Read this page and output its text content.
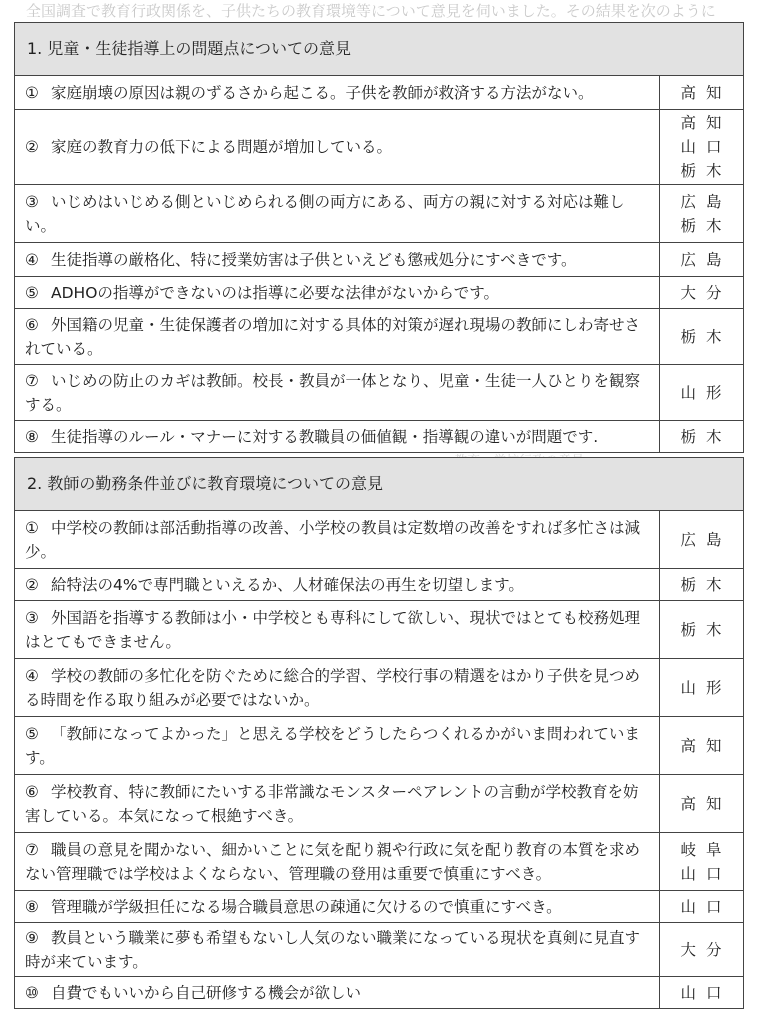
全国調査で教育行政関係を、子供たちの教育環境等について意見を伺いました。その結果を次のように
1. 児童・生徒指導上の問題点についての意見
① 家庭崩壊の原因は親のずるさから起こる。子供を教師が救済する方法がない。	高知

② 家庭の教育力の低下による問題が増加している。	高知
山口
栃木

③ いじめはいじめる側といじめられる側の両方にある、両方の親に対する対応は難しい。	広島
栃木

④ 生徒指導の厳格化、特に授業妨害は子供といえども懲戒処分にすべきです。	広島

⑤ ADHOの指導ができないのは指導に必要な法律がないからです。	大分

⑥ 外国籍の児童・生徒保護者の増加に対する具体的対策が遅れ現場の教師にしわ寄せされている。	栃木

⑦ いじめの防止のカギは教師。校長・教員が一体となり、児童・生徒一人ひとりを観察する。	山形

⑧ 生徒指導のルール・マナーに対する教職員の価値観・指導観の違いが問題です.	栃木
2. 教師の勤務条件並びに教育環境についての意見
① 中学校の教師は部活動指導の改善、小学校の教員は定数増の改善をすれば多忙さは減少。	広島

② 給特法の4%で専門職といえるか、人材確保法の再生を切望します。	栃木

③ 外国語を指導する教師は小・中学校とも専科にして欲しい、現状ではとても校務処理はとてもできません。	栃木

④ 学校の教師の多忙化を防ぐために総合的学習、学校行事の精選をはかり子供を見つめる時間を作る取り組みが必要ではないか。	山形

⑤ 「教師になってよかった」と思える学校をどうしたらつくれるかがいま問われています。	高知

⑥ 学校教育、特に教師にたいする非常識なモンスターペアレントの言動が学校教育を妨害している。本気になって根絶すべき。	高知

⑦ 職員の意見を聞かない、細かいことに気を配り親や行政に気を配り教育の本質を求めない管理職では学校はよくならない、管理職の登用は重要で慎重にすべき。	岐阜
山口

⑧ 管理職が学級担任になる場合職員意思の疎通に欠けるので慎重にすべき。	山口

⑨ 教員という職業に夢も希望もないし人気のない職業になっている現状を真剣に見直す時が来ています。	大分

⑩ 自費でもいいから自己研修する機会が欲しい	山口
